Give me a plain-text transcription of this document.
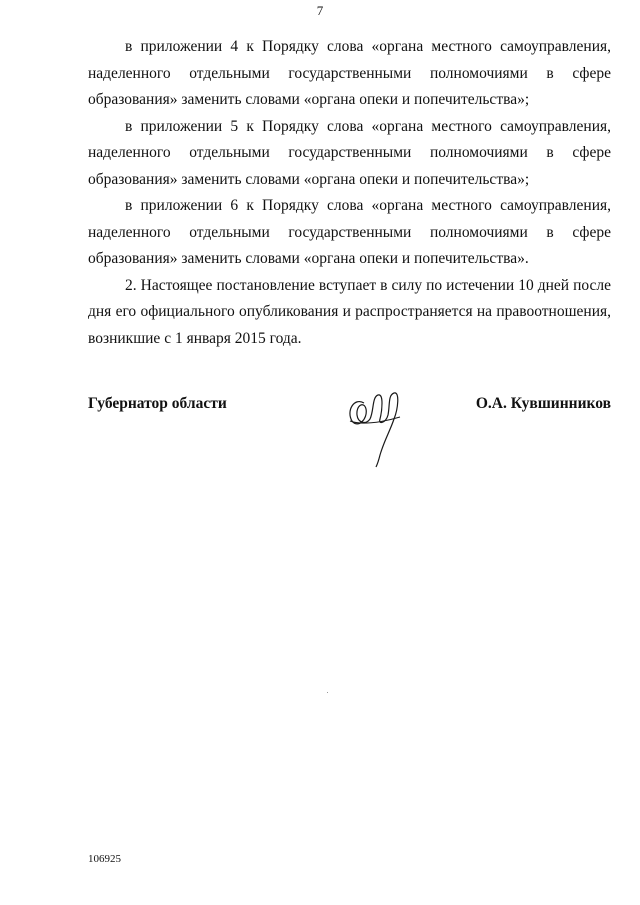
7

в приложении 4 к Порядку слова «органа местного самоуправления, наделенного отдельными государственными полномочиями в сфере образования» заменить словами «органа опеки и попечительства»;

в приложении 5 к Порядку слова «органа местного самоуправления, наделенного отдельными государственными полномочиями в сфере образования» заменить словами «органа опеки и попечительства»;

в приложении 6 к Порядку слова «органа местного самоуправления, наделенного отдельными государственными полномочиями в сфере образования» заменить словами «органа опеки и попечительства».

2. Настоящее постановление вступает в силу по истечении 10 дней после дня его официального опубликования и распространяется на правоотношения, возникшие с 1 января 2015 года.

Губернатор области	О.А. Кувшинников
106925
